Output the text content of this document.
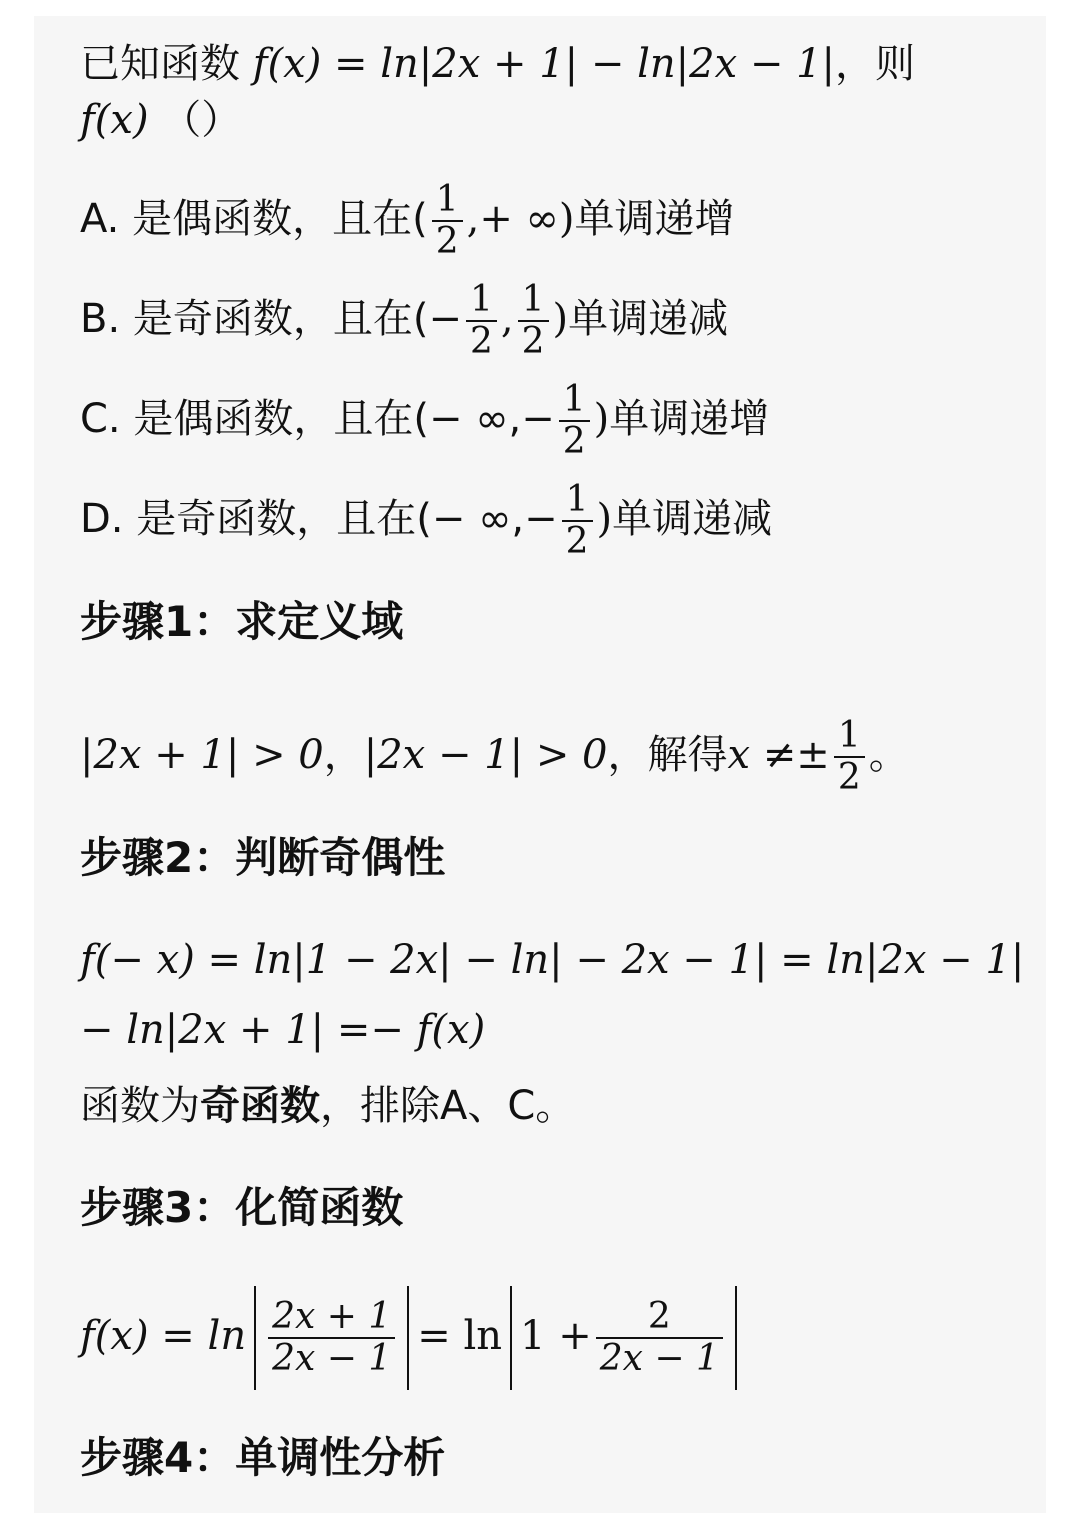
已知函数 f(x) = ln|2x + 1| − ln|2x − 1|，则
f(x) （）
A. 是偶函数，且在( $\frac{1}{2}$ ,+ ∞)单调递增
B. 是奇函数，且在(− $\frac{1}{2}$ , $\frac{1}{2}$ )单调递减
C. 是偶函数，且在(− ∞,− $\frac{1}{2}$ )单调递增
D. 是奇函数，且在(− ∞,− $\frac{1}{2}$ )单调递减
步骤1：求定义域
|2x + 1| > 0，|2x − 1| > 0，解得$x \ne\pm \frac{1}{2}$ 。
步骤2：判断奇偶性
f(− x) = ln|1 − 2x| − ln| − 2x − 1| = ln|2x − 1|
− ln|2x + 1| =− f(x)
函数为奇函数，排除A、C。
步骤3：化简函数
$f(x) = \ln \frac{2x + 1}{2x - 1} = \ln 1 + \frac{2}{2x - 1}$
步骤4：单调性分析
